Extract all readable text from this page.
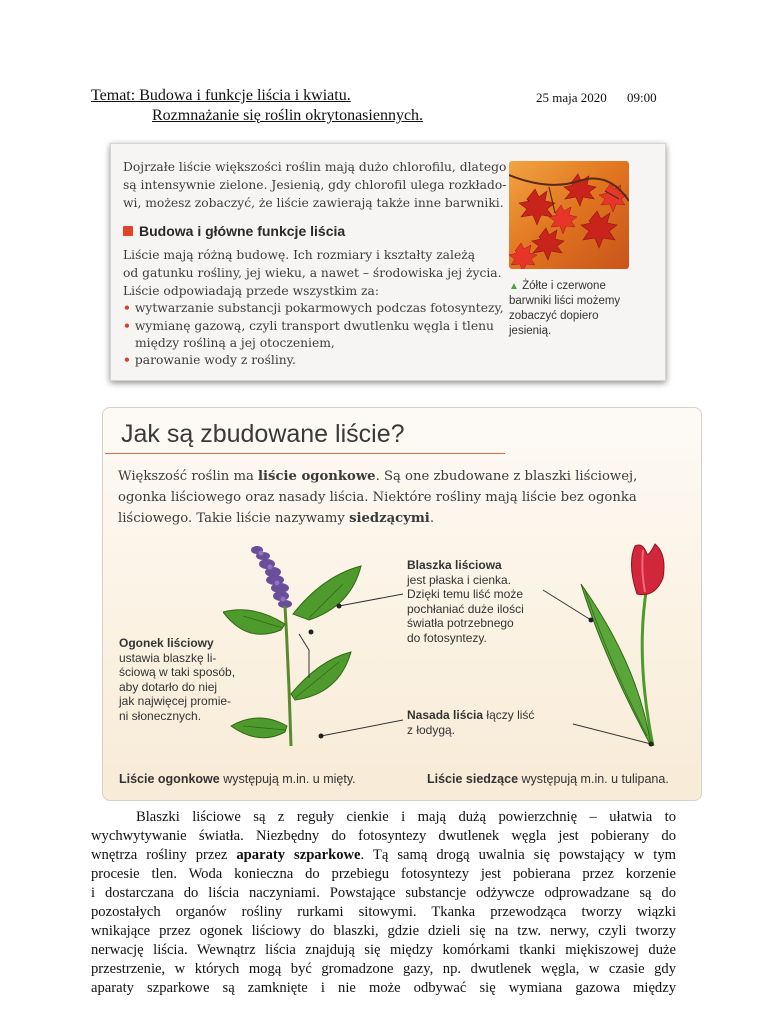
Temat: Budowa i funkcje liścia i kwiatu.
Rozmnażanie się roślin okrytonasiennych.
25 maja 2020 09:00
Dojrzałe liście większości roślin mają dużo chlorofilu, dlatego
są intensywnie zielone. Jesienią, gdy chlorofil ulega rozkłado-
wi, możesz zobaczyć, że liście zawierają także inne barwniki.
Budowa i główne funkcje liścia
Liście mają różną budowę. Ich rozmiary i kształty zależą
od gatunku rośliny, jej wieku, a nawet – środowiska jej życia.
Liście odpowiadają przede wszystkim za:
• wytwarzanie substancji pokarmowych podczas fotosyntezy,
• wymianę gazową, czyli transport dwutlenku węgla i tlenu
między rośliną a jej otoczeniem,
• parowanie wody z rośliny.
▲ Żółte i czerwone
barwniki liści możemy
zobaczyć dopiero
jesienią.
Jak są zbudowane liście?
Większość roślin ma liście ogonkowe. Są one zbudowane z blaszki liściowej,
ogonka liściowego oraz nasady liścia. Niektóre rośliny mają liście bez ogonka
liściowego. Takie liście nazywamy siedzącymi.
Blaszka liściowa
jest płaska i cienka.
Dzięki temu liść może
pochłaniać duże ilości
światła potrzebnego
do fotosyntezy.
Ogonek liściowy
ustawia blaszkę li-
ściową w taki sposób,
aby dotarło do niej
jak najwięcej promie-
ni słonecznych.	Nasada liścia łączy liść
z łodygą.
Liście ogonkowe występują m.in. u mięty.	Liście siedzące występują m.in. u tulipana.
Blaszki liściowe są z reguły cienkie i mają dużą powierzchnię – ułatwia to
wychwytywanie światła. Niezbędny do fotosyntezy dwutlenek węgla jest pobierany do
wnętrza rośliny przez aparaty szparkowe. Tą samą drogą uwalnia się powstający w tym
procesie tlen. Woda konieczna do przebiegu fotosyntezy jest pobierana przez korzenie
i dostarczana do liścia naczyniami. Powstające substancje odżywcze odprowadzane są do
pozostałych organów rośliny rurkami sitowymi. Tkanka przewodząca tworzy wiązki
wnikające przez ogonek liściowy do blaszki, gdzie dzieli się na tzw. nerwy, czyli tworzy
nerwację liścia. Wewnątrz liścia znajdują się między komórkami tkanki miękiszowej duże
przestrzenie, w których mogą być gromadzone gazy, np. dwutlenek węgla, w czasie gdy
aparaty szparkowe są zamknięte i nie może odbywać się wymiana gazowa między
